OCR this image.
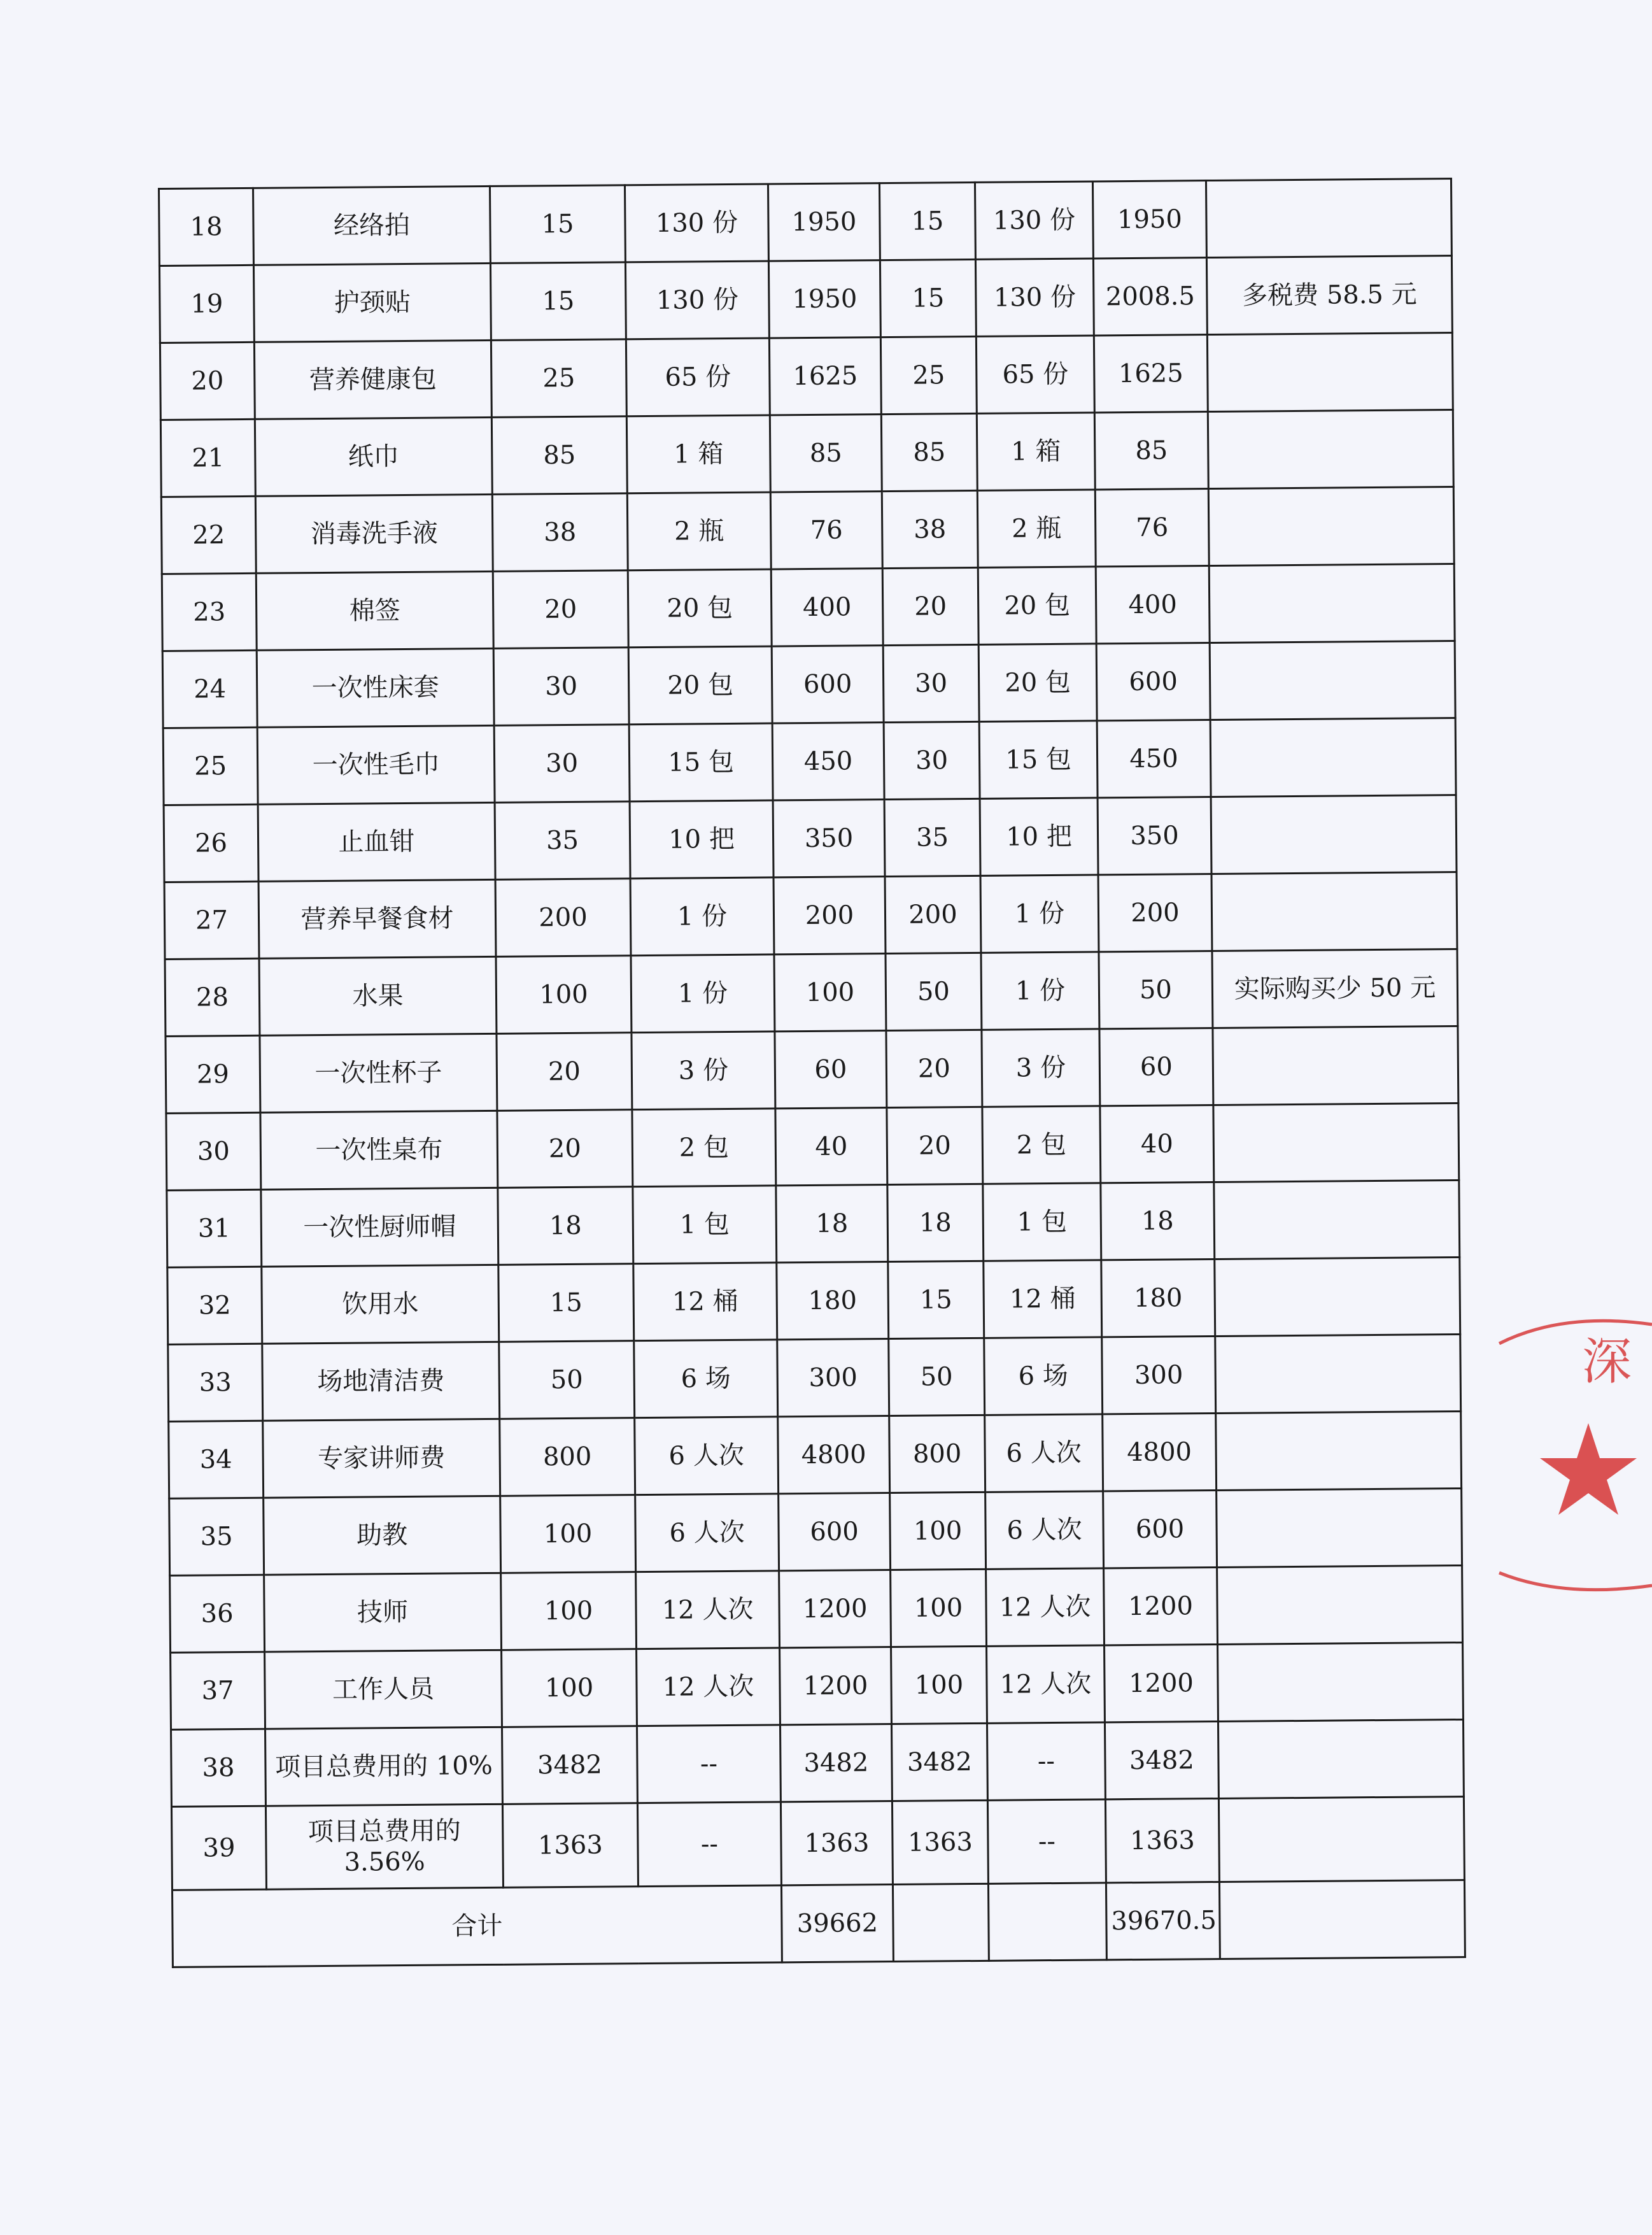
18	经络拍	15	130 份	1950	15	130 份	1950	
19	护颈贴	15	130 份	1950	15	130 份	2008.5	多税费 58.5 元
20	营养健康包	25	65 份	1625	25	65 份	1625	
21	纸巾	85	1 箱	85	85	1 箱	85	
22	消毒洗手液	38	2 瓶	76	38	2 瓶	76	
23	棉签	20	20 包	400	20	20 包	400	
24	一次性床套	30	20 包	600	30	20 包	600	
25	一次性毛巾	30	15 包	450	30	15 包	450	
26	止血钳	35	10 把	350	35	10 把	350	
27	营养早餐食材	200	1 份	200	200	1 份	200	
28	水果	100	1 份	100	50	1 份	50	实际购买少 50 元
29	一次性杯子	20	3 份	60	20	3 份	60	
30	一次性桌布	20	2 包	40	20	2 包	40	
31	一次性厨师帽	18	1 包	18	18	1 包	18	
32	饮用水	15	12 桶	180	15	12 桶	180	
33	场地清洁费	50	6 场	300	50	6 场	300	
34	专家讲师费	800	6 人次	4800	800	6 人次	4800	
35	助教	100	6 人次	600	100	6 人次	600	
36	技师	100	12 人次	1200	100	12 人次	1200	
37	工作人员	100	12 人次	1200	100	12 人次	1200	
38	项目总费用的 10%	3482	--	3482	3482	--	3482	
39	项目总费用的 3.56%	1363	--	1363	1363	--	1363	
合计				39662			39670.5	
深
